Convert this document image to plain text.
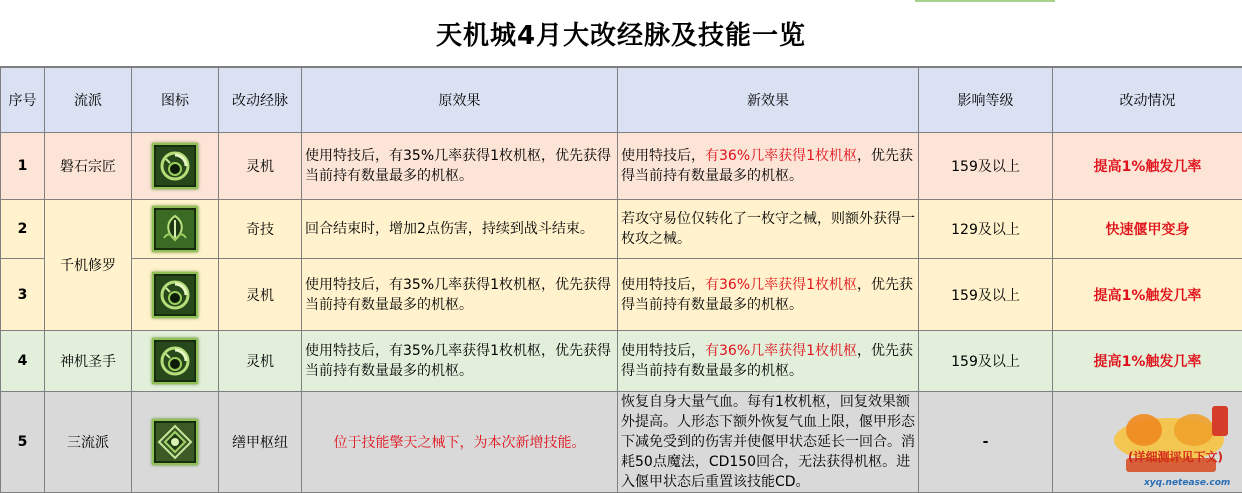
天机城4月大改经脉及技能一览
序号	流派	图标	改动经脉	原效果	新效果	影响等级	改动情况
1	磐石宗匠		灵机	使用特技后，有35%几率获得1枚机枢，优先获得当前持有数量最多的机枢。	使用特技后，有36%几率获得1枚机枢，优先获得当前持有数量最多的机枢。	159及以上	提高1%触发几率
2	千机修罗		奇技	回合结束时，增加2点伤害，持续到战斗结束。	若攻守易位仅转化了一枚守之械，则额外获得一枚攻之械。	129及以上	快速偃甲变身
3			灵机	使用特技后，有35%几率获得1枚机枢，优先获得当前持有数量最多的机枢。	使用特技后，有36%几率获得1枚机枢，优先获得当前持有数量最多的机枢。	159及以上	提高1%触发几率
4	神机圣手		灵机	使用特技后，有35%几率获得1枚机枢，优先获得当前持有数量最多的机枢。	使用特技后，有36%几率获得1枚机枢，优先获得当前持有数量最多的机枢。	159及以上	提高1%触发几率
5	三流派		缮甲枢纽	位于技能擎天之械下，为本次新增技能。	恢复自身大量气血。每有1枚机枢，回复效果额外提高。人形态下额外恢复气血上限，偃甲形态下减免受到的伤害并使偃甲状态延长一回合。消耗50点魔法，CD150回合，无法获得机枢。进入偃甲状态后重置该技能CD。	-	(详细测评见下文)
xyq.netease.com
